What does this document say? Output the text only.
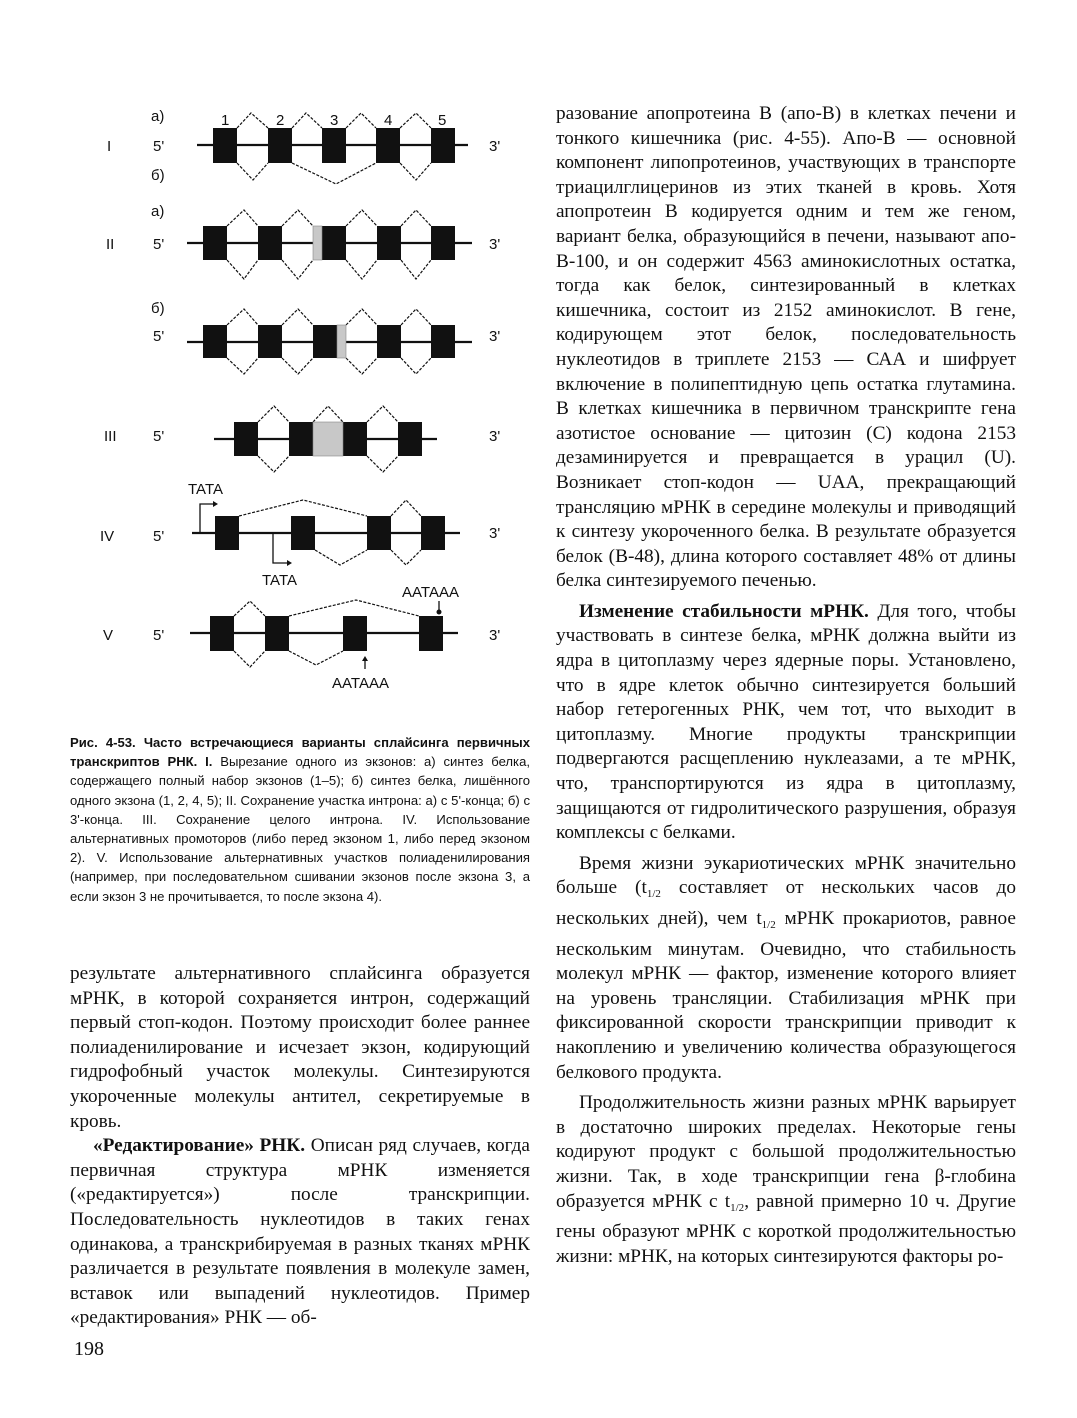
а)
I	5'	3'
б)
1	2	3	4	5
а)
II	5'	3'
б)
5'	3'
III 5'	3'
TATA
IV	5'	3'
TATA
AATAAA
V	5'	3'
AATAAA
Рис. 4-53. Часто встречающиеся варианты сплайсинга первичных транскриптов РНК. I. Вырезание одного из экзонов: а) синтез белка, содержащего полный набор экзонов (1–5); б) синтез белка, лишённого одного экзона (1, 2, 4, 5); II. Сохранение участка интрона: а) с 5'-конца; б) с 3'-конца. III. Сохранение целого интрона. IV. Использование альтернативных промоторов (либо перед экзоном 1, либо перед экзоном 2). V. Использование альтернативных участков полиаденилирования (например, при последовательном сшивании экзонов после экзона 3, а если экзон 3 не прочитывается, то после экзона 4).

результате альтернативного сплайсинга образуется мРНК, в которой сохраняется интрон, содержащий первый стоп-кодон. Поэтому происходит более раннее полиаденилирование и исчезает экзон, кодирующий гидрофобный участок молекулы. Синтезируются укороченные молекулы антител, секретируемые в кровь.

«Редактирование» РНК. Описан ряд случаев, когда первичная структура мРНК изменяется («редактируется») после транскрипции. Последовательность нуклеотидов в таких генах одинакова, а транскрибируемая в разных тканях мРНК различается в результате появления в молекуле замен, вставок или выпадений нуклеотидов. Пример «редактирования» РНК — об-

разование апопротеина В (апо-В) в клетках печени и тонкого кишечника (рис. 4-55). Апо-В — основной компонент липопротеинов, участвующих в транспорте триацилглицеринов из этих тканей в кровь. Хотя апопротеин В кодируется одним и тем же геном, вариант белка, образующийся в печени, называют апо-В-100, и он содержит 4563 аминокислотных остатка, тогда как белок, синтезированный в клетках кишечника, состоит из 2152 аминокислот. В гене, кодирующем этот белок, последовательность нуклеотидов в триплете 2153 — САА и шифрует включение в полипептидную цепь остатка глутамина. В клетках кишечника в первичном транскрипте гена азотистое основание — цитозин (С) кодона 2153 дезаминируется и превращается в урацил (U). Возникает стоп-кодон — UAA, прекращающий трансляцию мРНК в середине молекулы и приводящий к синтезу укороченного белка. В результате образуется белок (В-48), длина которого составляет 48% от длины белка синтезируемого печенью.

Изменение стабильности мРНК. Для того, чтобы участвовать в синтезе белка, мРНК должна выйти из ядра в цитоплазму через ядерные поры. Установлено, что в ядре клеток обычно синтезируется больший набор гетерогенных РНК, чем тот, что выходит в цитоплазму. Многие продукты транскрипции подвергаются расщеплению нуклеазами, а те мРНК, что, транспортируются из ядра в цитоплазму, защищаются от гидролитического разрушения, образуя комплексы с белками.

Время жизни эукариотических мРНК значительно больше ($t_{1/2}$ составляет от нескольких часов до нескольких дней), чем $t_{1/2}$ мРНК прокариотов, равное нескольким минутам. Очевидно, что стабильность молекул мРНК — фактор, изменение которого влияет на уровень трансляции. Стабилизация мРНК при фиксированной скорости транскрипции приводит к накоплению и увеличению количества образующегося белкового продукта.

Продолжительность жизни разных мРНК варьирует в достаточно широких пределах. Некоторые гены кодируют продукт с большой продолжительностью жизни. Так, в ходе транскрипции гена β-глобина образуется мРНК с $t_{1/2}$, равной примерно 10 ч. Другие гены образуют мРНК с короткой продолжительностью жизни: мРНК, на которых синтезируются факторы ро-

198
